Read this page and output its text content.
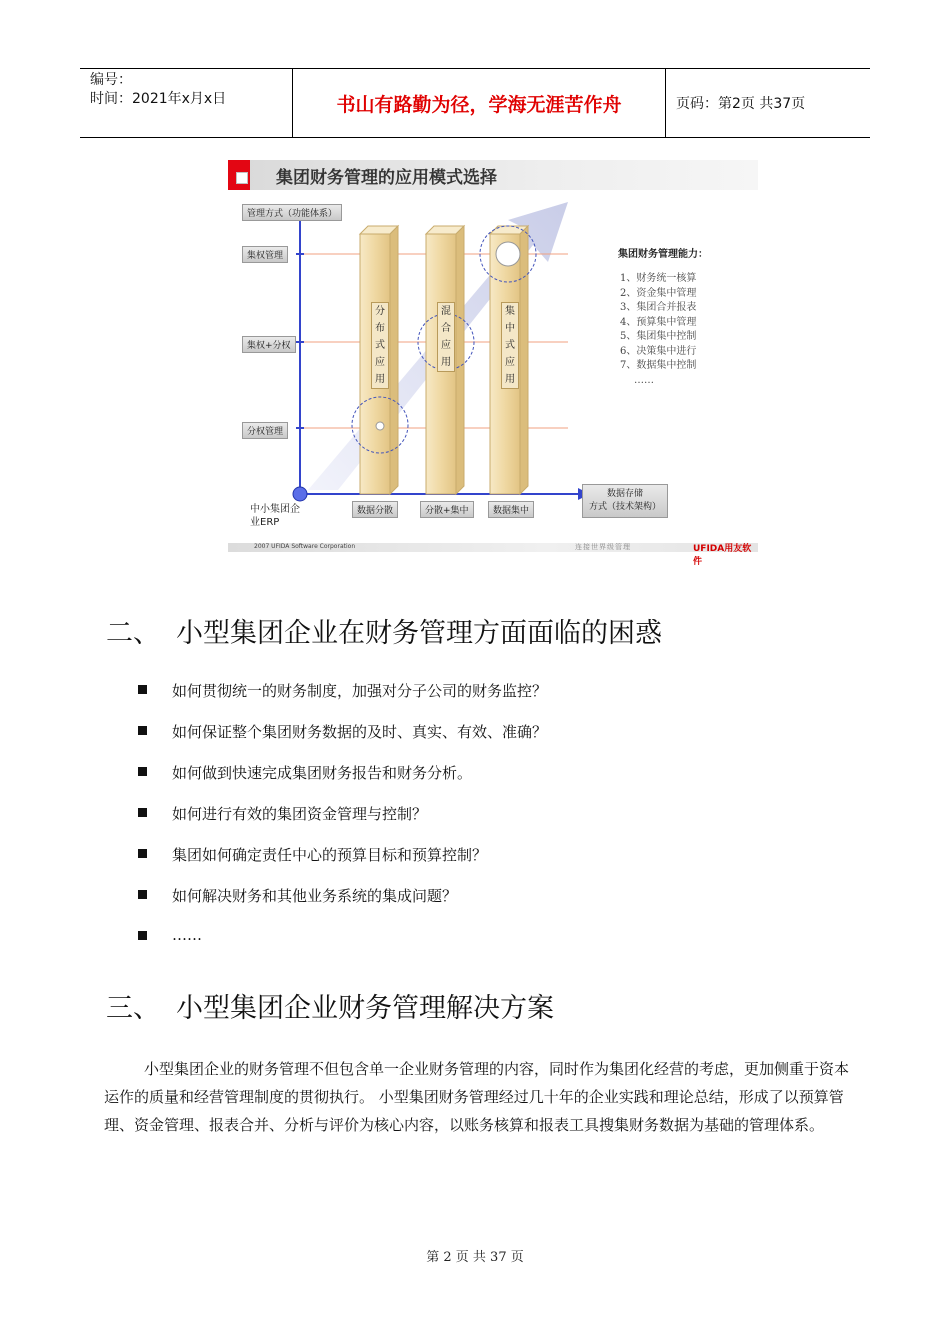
编号：
时间：2021年x月x日	书山有路勤为径，学海无涯苦作舟	页码：第2页 共37页
集团财务管理的应用模式选择
管理方式（功能体系）
集权管理
集权+分权
分权管理
数据分散	分散+集中	数据集中
数据存储
方式（技术架构）
分布式应用
混合应用
集中式应用
中小集团企
业ERP
集团财务管理能力：
1、财务统一核算
2、资金集中管理
3、集团合并报表
4、预算集中管理
5、集团集中控制
6、决策集中进行
7、数据集中控制
……
2007 UFIDA Software Corporation	连接世界级管理	UFIDA用友软件
二、 小型集团企业在财务管理方面面临的困惑
如何贯彻统一的财务制度，加强对分子公司的财务监控？
如何保证整个集团财务数据的及时、真实、有效、准确？
如何做到快速完成集团财务报告和财务分析。
如何进行有效的集团资金管理与控制？
集团如何确定责任中心的预算目标和预算控制？
如何解决财务和其他业务系统的集成问题？
……
三、 小型集团企业财务管理解决方案

小型集团企业的财务管理不但包含单一企业财务管理的内容，同时作为集团化经营的考虑，更加侧重于资本运作的质量和经营管理制度的贯彻执行。 小型集团财务管理经过几十年的企业实践和理论总结，形成了以预算管理、资金管理、报表合并、分析与评价为核心内容，以账务核算和报表工具搜集财务数据为基础的管理体系。

第 2 页 共 37 页
